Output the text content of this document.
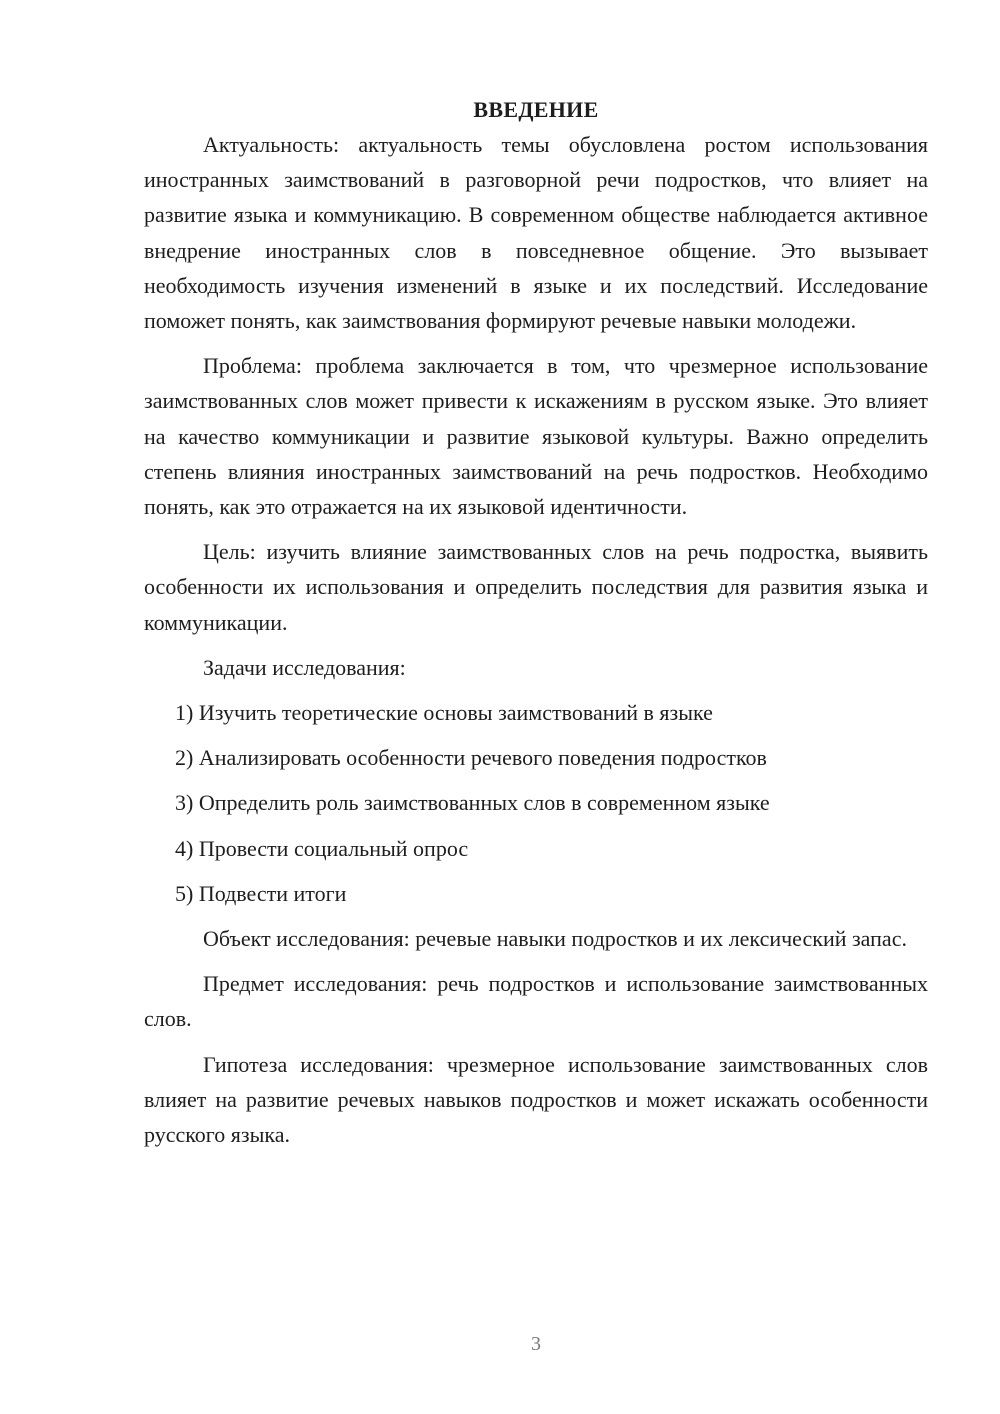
ВВЕДЕНИЕ

Актуальность: актуальность темы обусловлена ростом использования иностранных заимствований в разговорной речи подростков, что влияет на развитие языка и коммуникацию. В современном обществе наблюдается активное внедрение иностранных слов в повседневное общение. Это вызывает необходимость изучения изменений в языке и их последствий. Исследование поможет понять, как заимствования формируют речевые навыки молодежи.

Проблема: проблема заключается в том, что чрезмерное использование заимствованных слов может привести к искажениям в русском языке. Это влияет на качество коммуникации и развитие языковой культуры. Важно определить степень влияния иностранных заимствований на речь подростков. Необходимо понять, как это отражается на их языковой идентичности.

Цель: изучить влияние заимствованных слов на речь подростка, выявить особенности их использования и определить последствия для развития языка и коммуникации.

Задачи исследования:

1) Изучить теоретические основы заимствований в языке
2) Анализировать особенности речевого поведения подростков
3) Определить роль заимствованных слов в современном языке
4) Провести социальный опрос
5) Подвести итоги

Объект исследования: речевые навыки подростков и их лексический запас.

Предмет исследования: речь подростков и использование заимствованных слов.

Гипотеза исследования: чрезмерное использование заимствованных слов влияет на развитие речевых навыков подростков и может искажать особенности русского языка.

3
